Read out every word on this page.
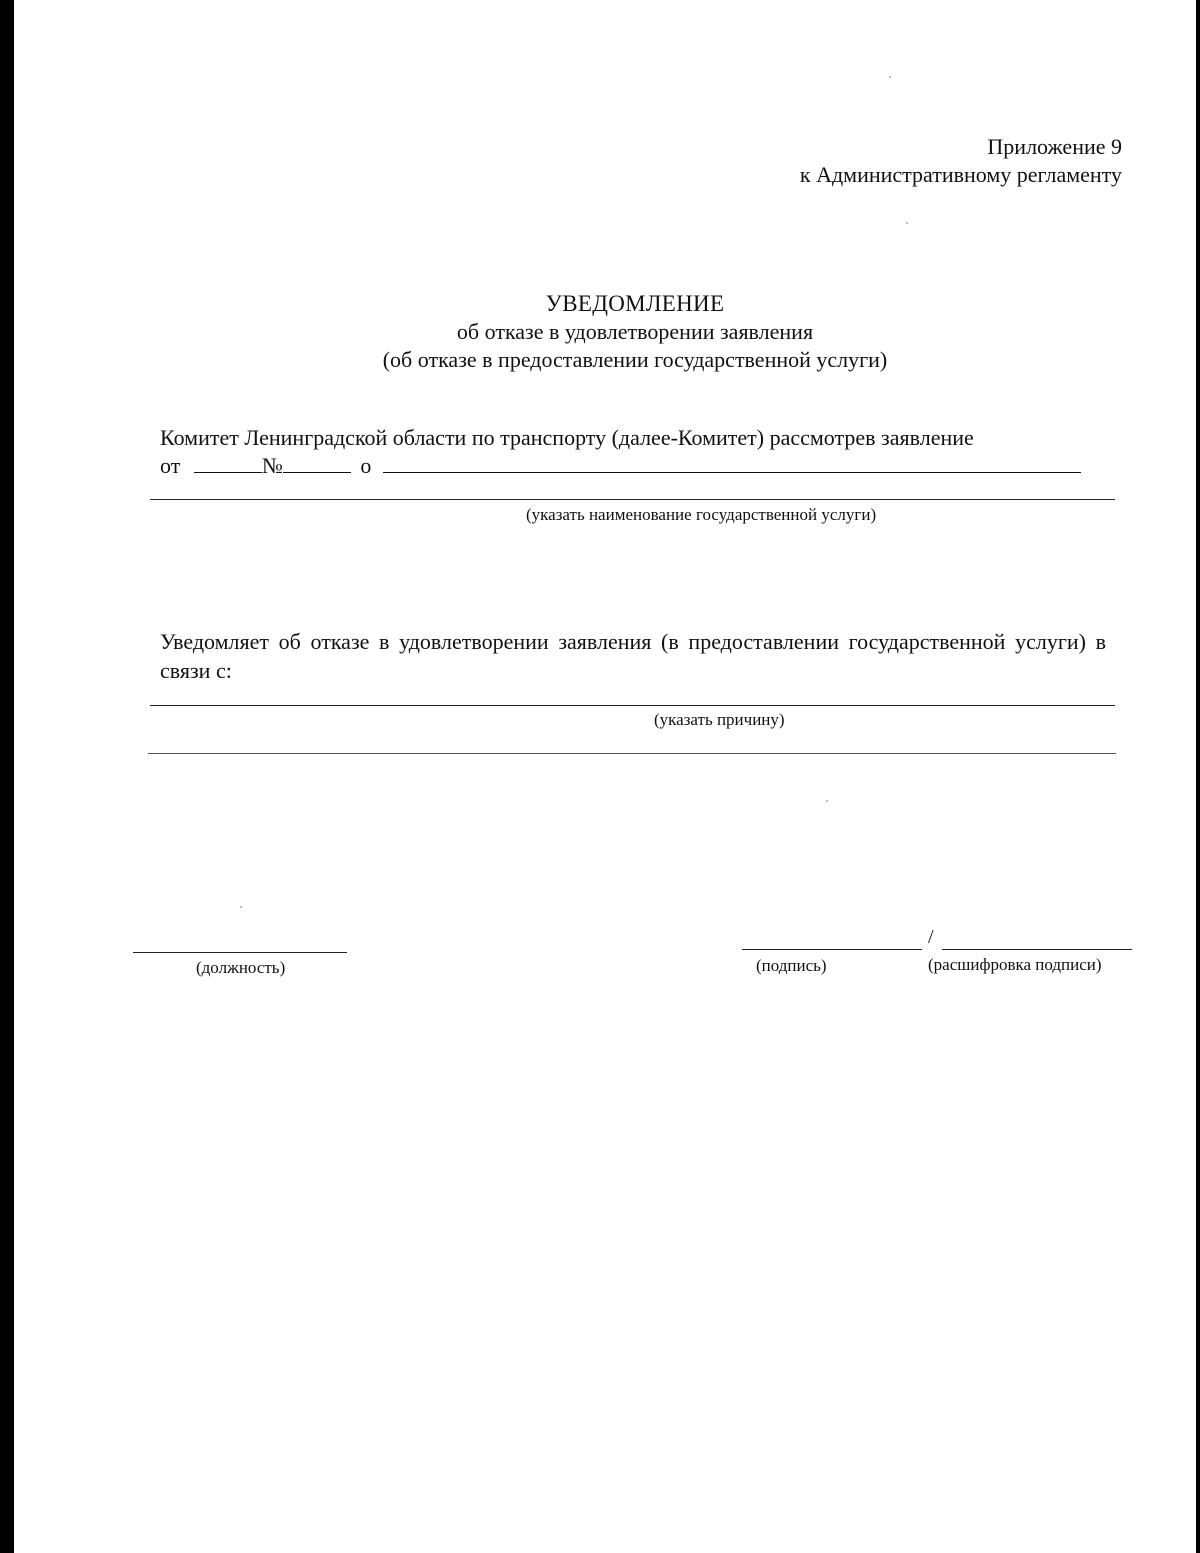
Приложение 9
к Административному регламенту
УВЕДОМЛЕНИЕ
об отказе в удовлетворении заявления
(об отказе в предоставлении государственной услуги)
Комитет Ленинградской области по транспорту (далее-Комитет) рассмотрев заявление
от	№	о
(указать наименование государственной услуги)
Уведомляет об отказе в удовлетворении заявления (в предоставлении государственной услуги) в связи с:
(указать причину)
(должность)
/
(подпись)	(расшифровка подписи)
